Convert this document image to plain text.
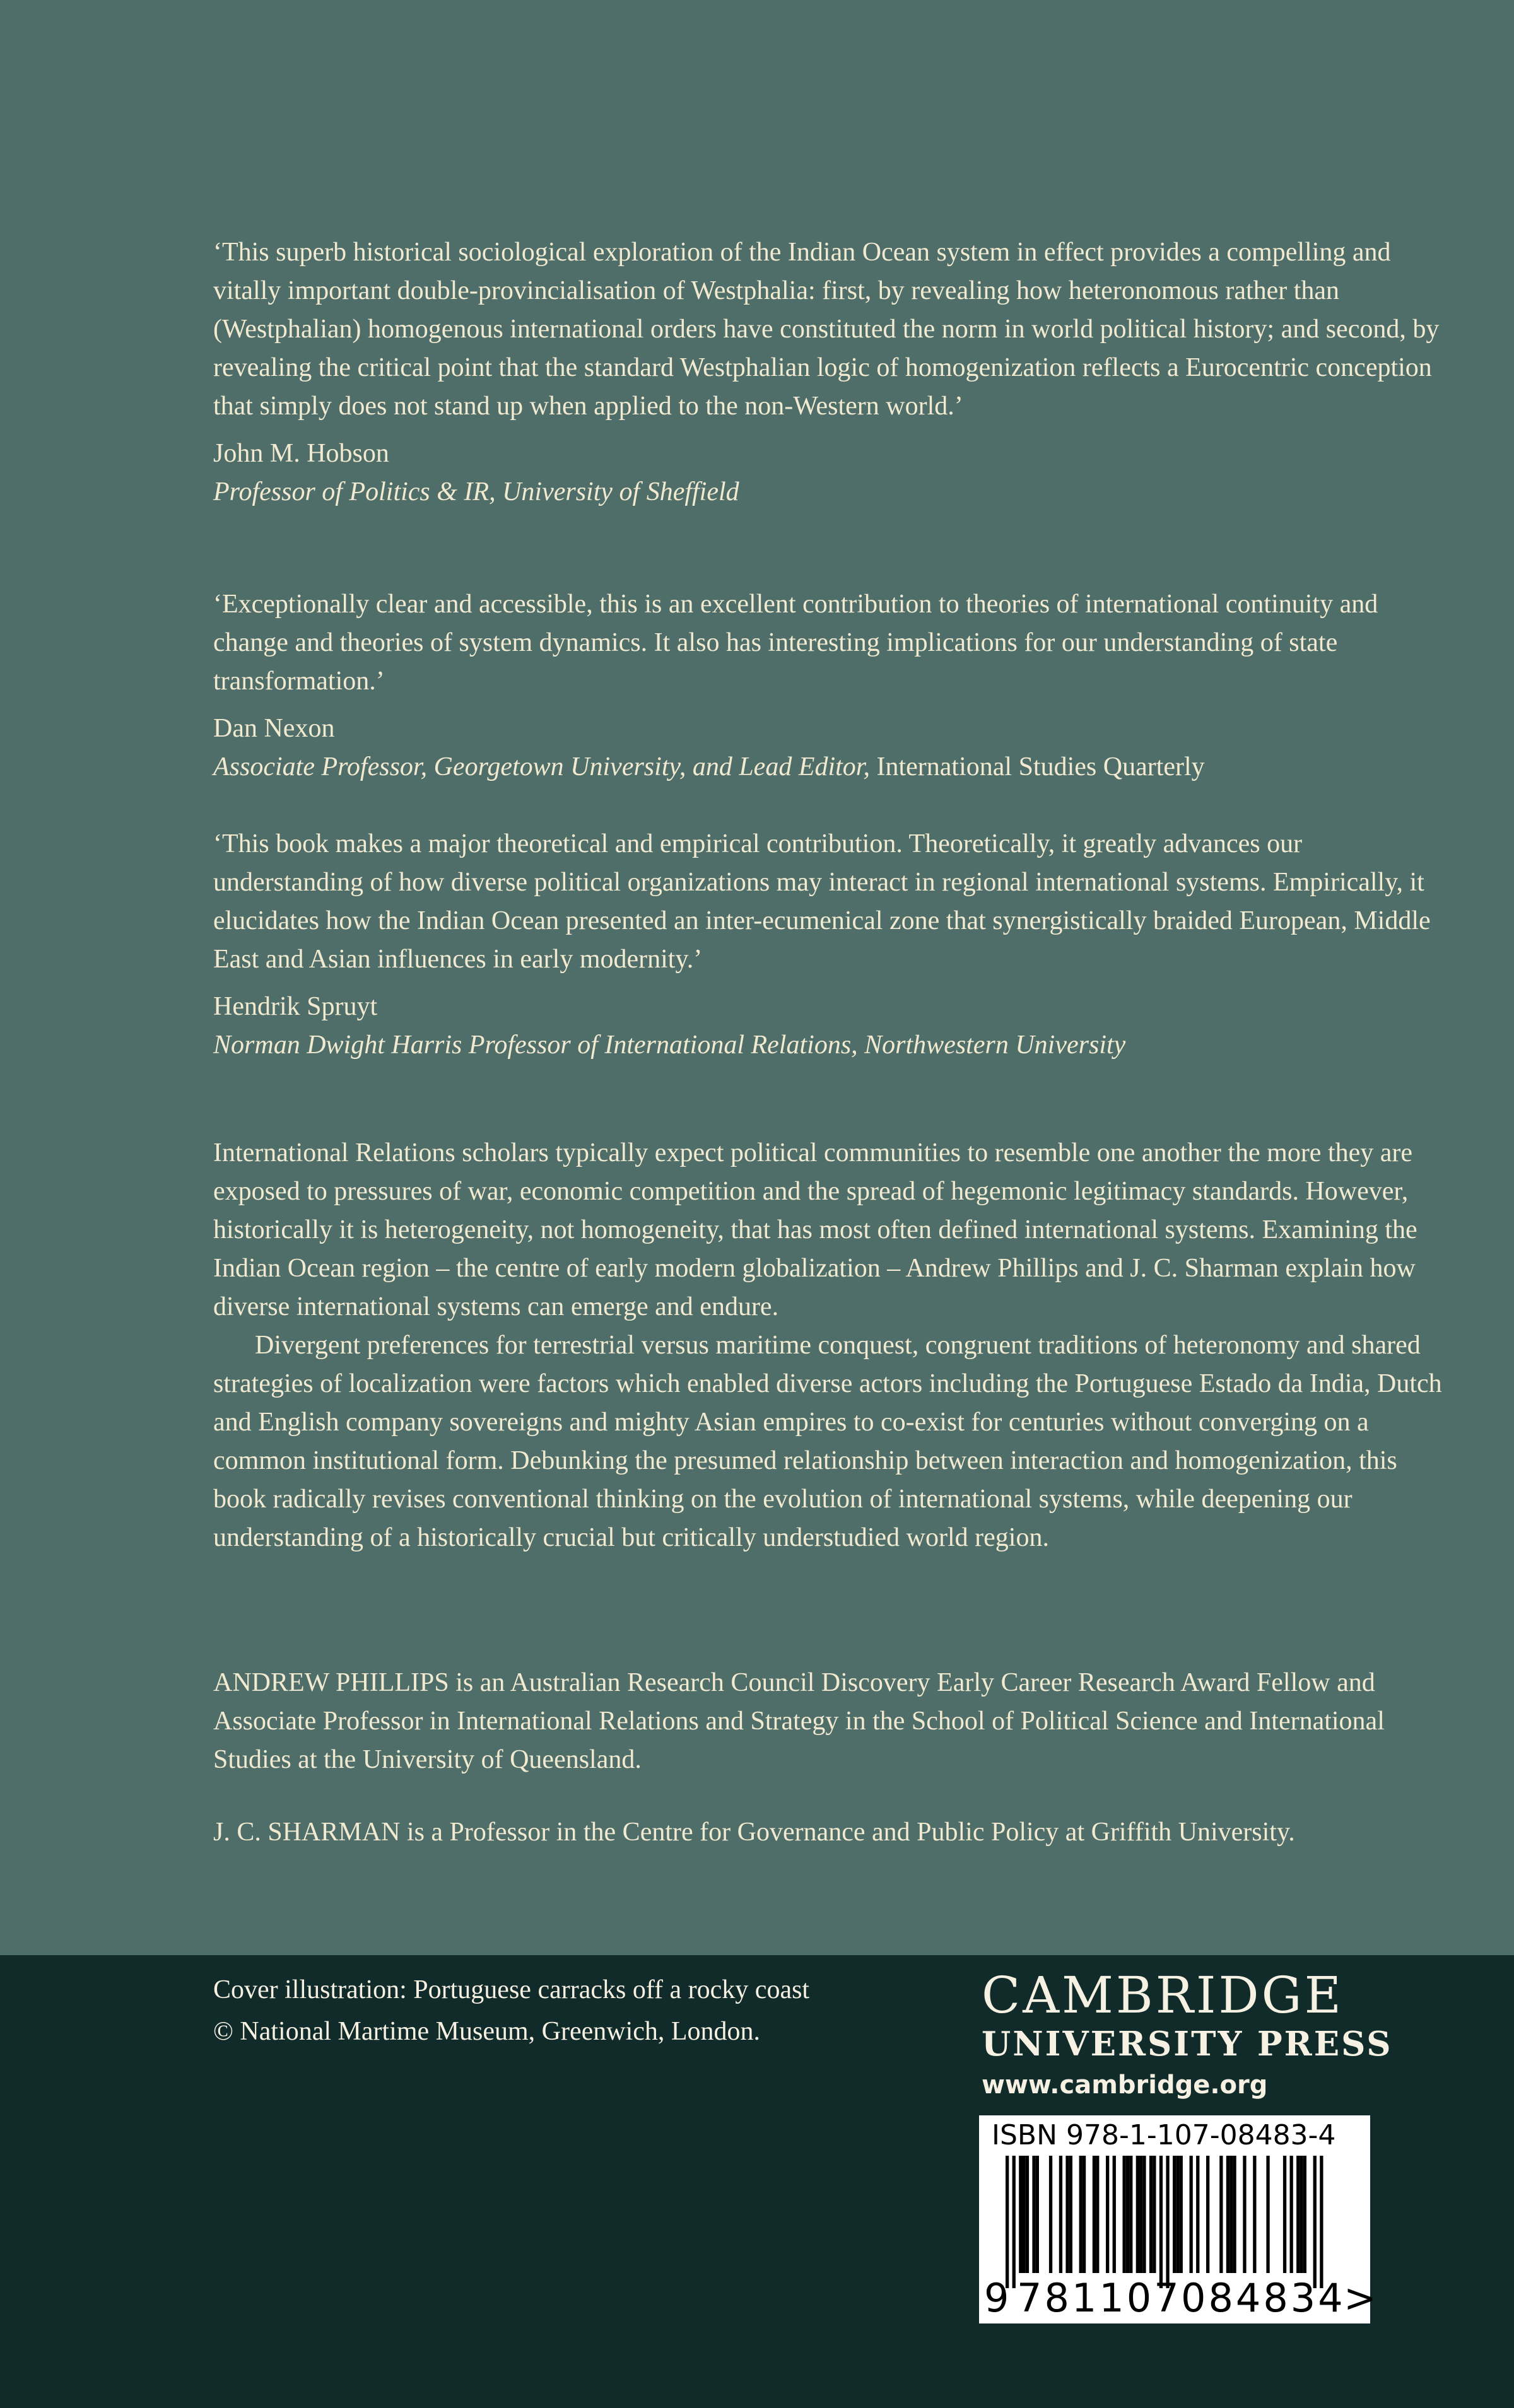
‘This superb historical sociological exploration of the Indian Ocean system in effect provides a compelling and vitally important double-provincialisation of Westphalia: first, by revealing how heteronomous rather than (Westphalian) homogenous international orders have constituted the norm in world political history; and second, by revealing the critical point that the standard Westphalian logic of homogenization reflects a Eurocentric conception that simply does not stand up when applied to the non-Western world.’

John M. Hobson
Professor of Politics & IR, University of Sheffield

‘Exceptionally clear and accessible, this is an excellent contribution to theories of international continuity and change and theories of system dynamics. It also has interesting implications for our understanding of state transformation.’

Dan Nexon
Associate Professor, Georgetown University, and Lead Editor, International Studies Quarterly

‘This book makes a major theoretical and empirical contribution. Theoretically, it greatly advances our understanding of how diverse political organizations may interact in regional international systems. Empirically, it elucidates how the Indian Ocean presented an inter-ecumenical zone that synergistically braided European, Middle East and Asian influences in early modernity.’

Hendrik Spruyt
Norman Dwight Harris Professor of International Relations, Northwestern University

International Relations scholars typically expect political communities to resemble one another the more they are exposed to pressures of war, economic competition and the spread of hegemonic legitimacy standards. However, historically it is heterogeneity, not homogeneity, that has most often defined international systems. Examining the Indian Ocean region – the centre of early modern globalization – Andrew Phillips and J. C. Sharman explain how diverse international systems can emerge and endure.

Divergent preferences for terrestrial versus maritime conquest, congruent traditions of heteronomy and shared strategies of localization were factors which enabled diverse actors including the Portuguese Estado da India, Dutch and English company sovereigns and mighty Asian empires to co-exist for centuries without converging on a common institutional form. Debunking the presumed relationship between interaction and homogenization, this book radically revises conventional thinking on the evolution of international systems, while deepening our understanding of a historically crucial but critically understudied world region.

ANDREW PHILLIPS is an Australian Research Council Discovery Early Career Research Award Fellow and Associate Professor in International Relations and Strategy in the School of Political Science and International Studies at the University of Queensland.

J. C. SHARMAN is a Professor in the Centre for Governance and Public Policy at Griffith University.

Cover illustration: Portuguese carracks off a rocky coast
© National Martime Museum, Greenwich, London.
CAMBRIDGE
UNIVERSITY PRESS
www.cambridge.org
ISBN 978-1-107-08483-4
9 781107 084834
>
